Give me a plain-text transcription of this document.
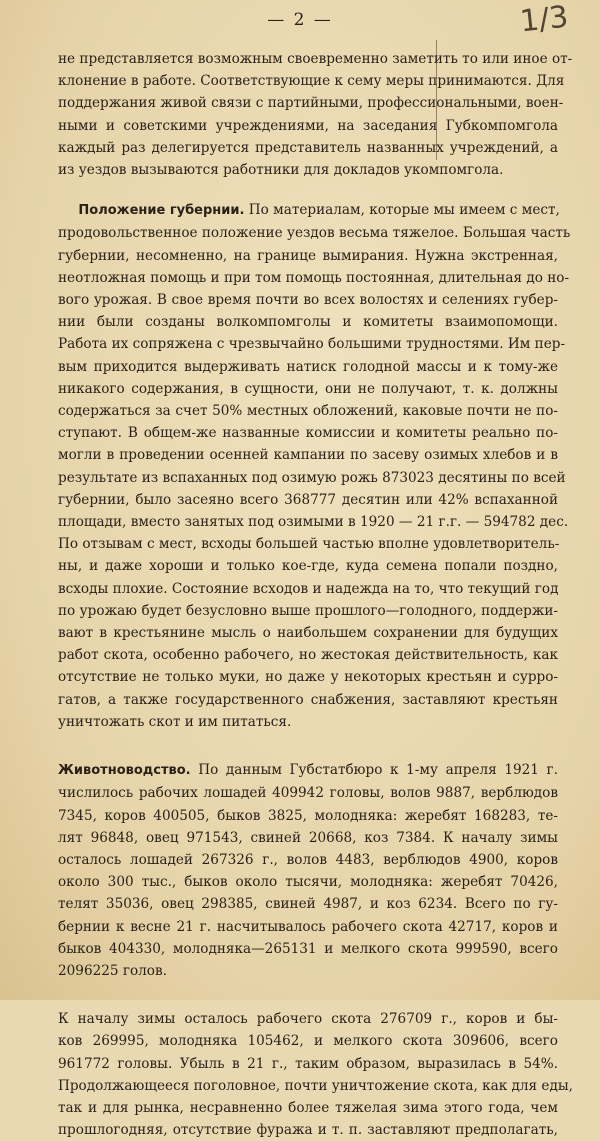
— 2 —	1/3

не представляется возможным своевременно заметить то или иное от-
клонение в работе. Соответствующие к сему меры принимаются. Для
поддержания живой связи с партийными, профессиональными, воен-
ными и советскими учреждениями, на заседания Губкомпомгола
каждый раз делегируется представитель названных учреждений, а
из уездов вызываются работники для докладов укомпомгола.

  Положение губернии. По материалам, которые мы имеем с мест,
продовольственное положение уездов весьма тяжелое. Большая часть
губернии, несомненно, на границе вымирания. Нужна экстренная,
неотложная помощь и при том помощь постоянная, длительная до но-
вого урожая. В свое время почти во всех волостях и селениях губер-
нии были созданы волкомпомголы и комитеты взаимопомощи.
Работа их сопряжена с чрезвычайно большими трудностями. Им пер-
вым приходится выдерживать натиск голодной массы и к тому-же
никакого содержания, в сущности, они не получают, т. к. должны
содержаться за счет 50% местных обложений, каковые почти не по-
ступают. В общем-же названные комиссии и комитеты реально по-
могли в проведении осенней кампании по засеву озимых хлебов и в
результате из вспаханных под озимую рожь 873023 десятины по всей
губернии, было засеяно всего 368777 десятин или 42% вспаханной
площади, вместо занятых под озимыми в 1920 — 21 г.г. — 594782 дес.
По отзывам с мест, всходы большей частью вполне удовлетворитель-
ны, и даже хороши и только кое-где, куда семена попали поздно,
всходы плохие. Состояние всходов и надежда на то, что текущий год
по урожаю будет безусловно выше прошлого—голодного, поддержи-
вают в крестьянине мысль о наибольшем сохранении для будущих
работ скота, особенно рабочего, но жестокая действительность, как
отсутствие не только муки, но даже у некоторых крестьян и сурро-
гатов, а также государственного снабжения, заставляют крестьян
уничтожать скот и им питаться.

Животноводство. По данным Губстатбюро к 1-му апреля 1921 г.
числилось рабочих лошадей 409942 головы, волов 9887, верблюдов
7345, коров 400505, быков 3825, молодняка: жеребят 168283, те-
лят 96848, овец 971543, свиней 20668, коз 7384. К началу зимы
осталось лошадей 267326 г., волов 4483, верблюдов 4900, коров
около 300 тыс., быков около тысячи, молодняка: жеребят 70426,
телят 35036, овец 298385, свиней 4987, и коз 6234. Всего по гу-
бернии к весне 21 г. насчитывалось рабочего скота 42717, коров и
быков 404330, молодняка—265131 и мелкого скота 999590, всего
2096225 голов.

К началу зимы осталось рабочего скота 276709 г., коров и бы-
ков 269995, молодняка 105462, и мелкого скота 309606, всего
961772 головы. Убыль в 21 г., таким образом, выразилась в 54%.
Продолжающееся поголовное, почти уничтожение скота, как для еды,
так и для рынка, несравненно более тяжелая зима этого года, чем
прошлогодняя, отсутствие фуража и т. п. заставляют предполагать,
